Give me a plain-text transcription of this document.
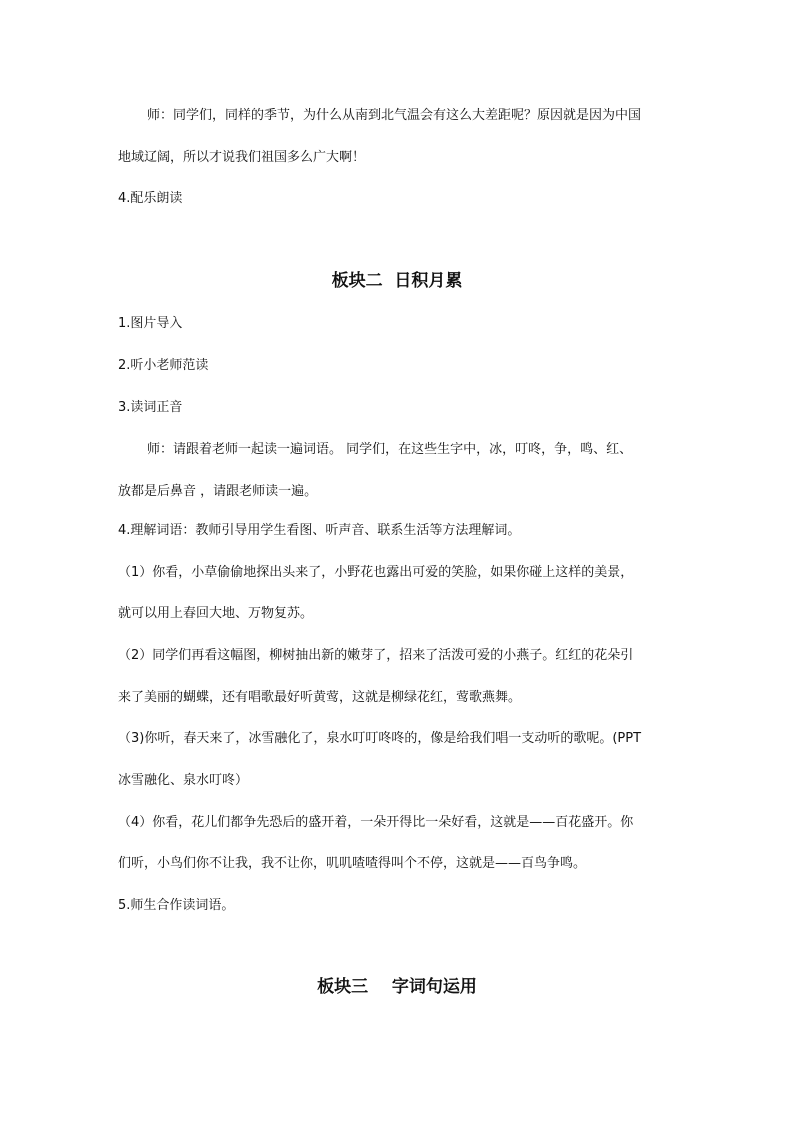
师：同学们，同样的季节，为什么从南到北气温会有这么大差距呢？原因就是因为中国

地域辽阔，所以才说我们祖国多么广大啊！

4.配乐朗读

板块二  日积月累

1.图片导入

2.听小老师范读

3.读词正音

师：请跟着老师一起读一遍词语。 同学们，在这些生字中，冰，叮咚，争，鸣、红、

放都是后鼻音 ，请跟老师读一遍。

4.理解词语：教师引导用学生看图、听声音、联系生活等方法理解词。

（1）你看，小草偷偷地探出头来了，小野花也露出可爱的笑脸，如果你碰上这样的美景，

就可以用上春回大地、万物复苏。

（2）同学们再看这幅图，柳树抽出新的嫩芽了，招来了活泼可爱的小燕子。红红的花朵引

来了美丽的蝴蝶，还有唱歌最好听黄莺，这就是柳绿花红，莺歌燕舞。

（3)你听，春天来了，冰雪融化了，泉水叮叮咚咚的，像是给我们唱一支动听的歌呢。(PPT

冰雪融化、泉水叮咚）

（4）你看，花儿们都争先恐后的盛开着，一朵开得比一朵好看，这就是——百花盛开。你

们听，小鸟们你不让我，我不让你，叽叽喳喳得叫个不停，这就是——百鸟争鸣。

5.师生合作读词语。

板块三    字词句运用
